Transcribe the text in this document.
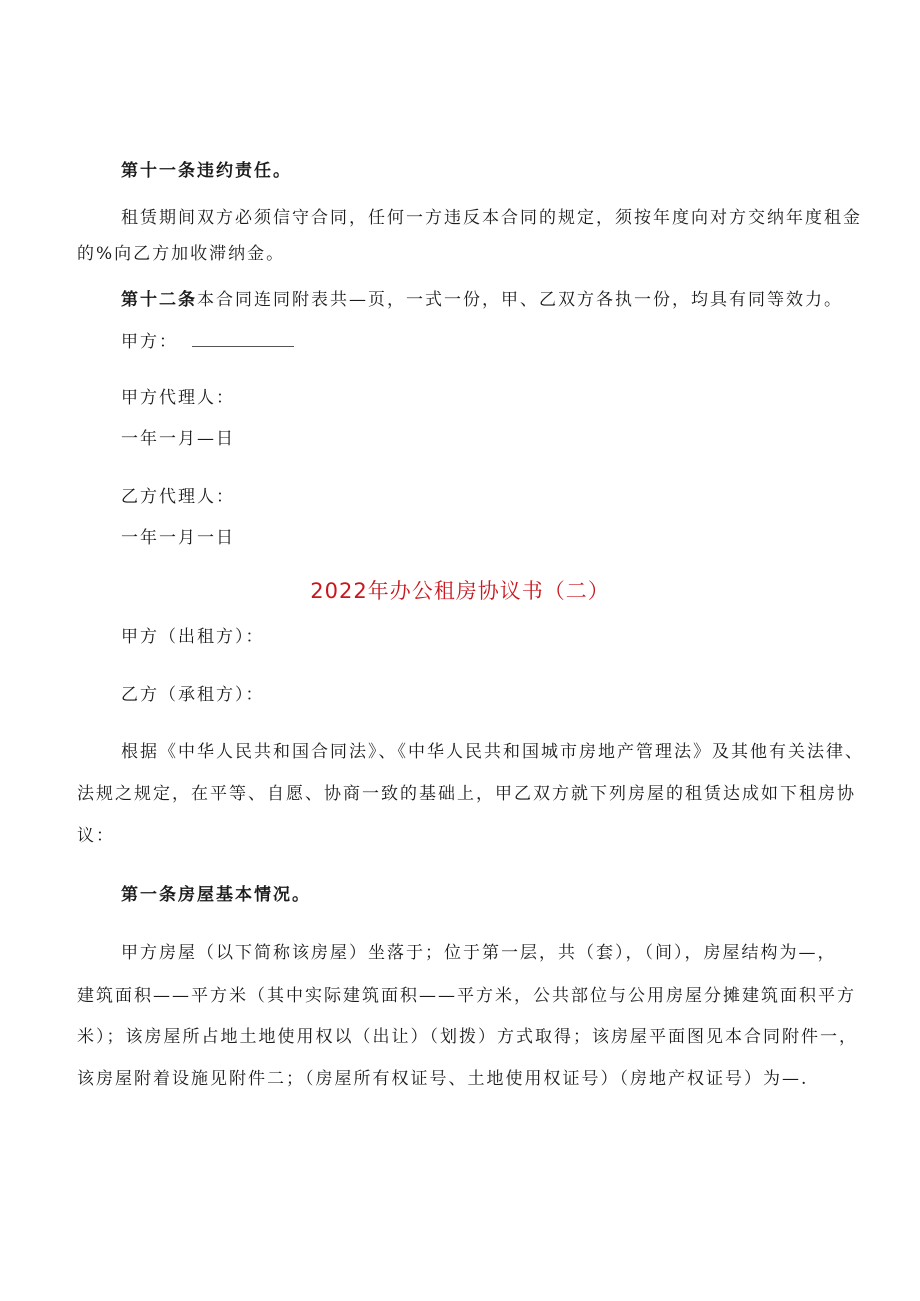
第十一条违约责任。
租赁期间双方必须信守合同，任何一方违反本合同的规定，须按年度向对方交纳年度租金
的%向乙方加收滞纳金。
第十二条本合同连同附表共—页，一式一份，甲、乙双方各执一份，均具有同等效力。
甲方：
甲方代理人：
一年一月—日
乙方代理人：
一年一月一日
2022年办公租房协议书（二）
甲方（出租方）：
乙方（承租方）：
根据《中华人民共和国合同法》、《中华人民共和国城市房地产管理法》及其他有关法律、
法规之规定，在平等、自愿、协商一致的基础上，甲乙双方就下列房屋的租赁达成如下租房协
议：
第一条房屋基本情况。
甲方房屋（以下简称该房屋）坐落于；位于第一层，共（套），（间），房屋结构为—，
建筑面积——平方米（其中实际建筑面积——平方米，公共部位与公用房屋分摊建筑面积平方
米）；该房屋所占地土地使用权以（出让）（划拨）方式取得；该房屋平面图见本合同附件一，
该房屋附着设施见附件二；（房屋所有权证号、土地使用权证号）（房地产权证号）为—.
